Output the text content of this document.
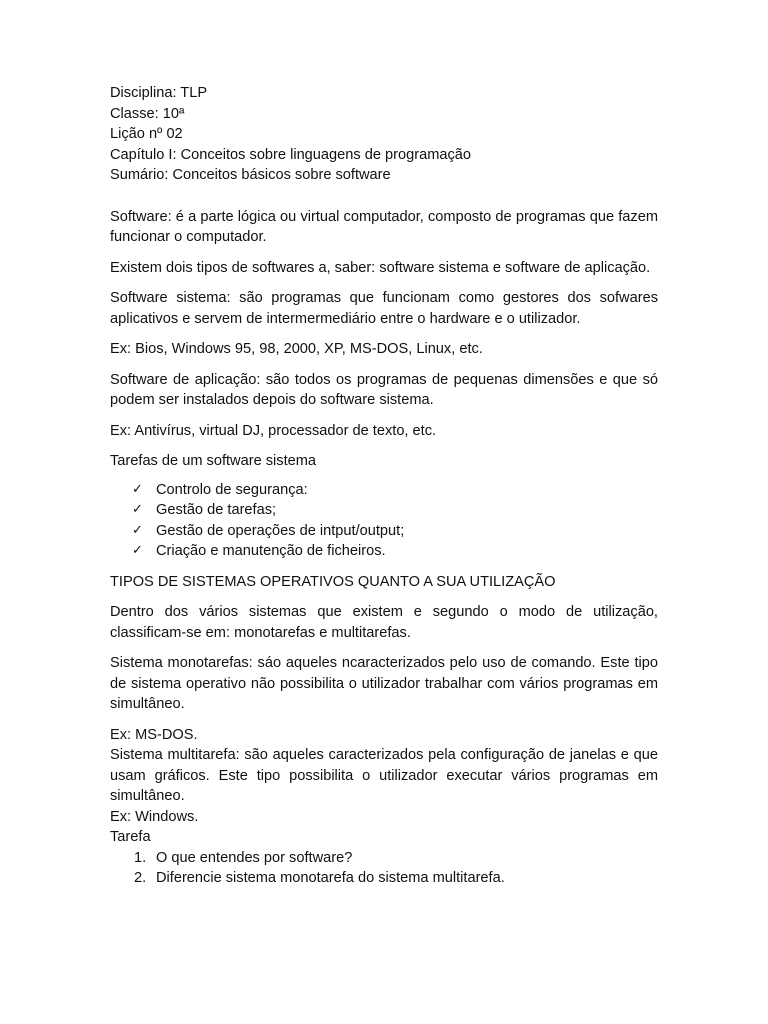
Disciplina: TLP

Classe: 10ª

Lição nº 02

Capítulo I: Conceitos sobre linguagens de programação

Sumário: Conceitos básicos sobre software

Software: é a parte lógica ou virtual computador, composto de programas que fazem funcionar o computador.

Existem dois tipos de softwares a, saber: software sistema e software de aplicação.

Software sistema: são programas que funcionam como gestores dos sofwares aplicativos e servem de intermermediário entre o hardware e o utilizador.

Ex: Bios, Windows 95, 98, 2000, XP, MS-DOS, Linux, etc.

Software de aplicação: são todos os programas de pequenas dimensões e que só podem ser instalados depois do software sistema.

Ex: Antivírus, virtual DJ, processador de texto, etc.

Tarefas de um software sistema

✓ Controlo de segurança:
✓ Gestão de tarefas;
✓ Gestão de operações de intput/output;
✓ Criação e manutenção de ficheiros.

TIPOS DE SISTEMAS OPERATIVOS QUANTO A SUA UTILIZAÇÃO

Dentro dos vários sistemas que existem e segundo o modo de utilização, classificam-se em: monotarefas e multitarefas.

Sistema monotarefas: sáo aqueles ncaracterizados pelo uso de comando. Este tipo de sistema operativo não possibilita o utilizador trabalhar com vários programas em simultâneo.

Ex: MS-DOS.

Sistema multitarefa: são aqueles caracterizados pela configuração de janelas e que usam gráficos. Este tipo possibilita o utilizador executar vários programas em simultâneo.

Ex: Windows.

Tarefa

1. O que entendes por software?
2. Diferencie sistema monotarefa do sistema multitarefa.
